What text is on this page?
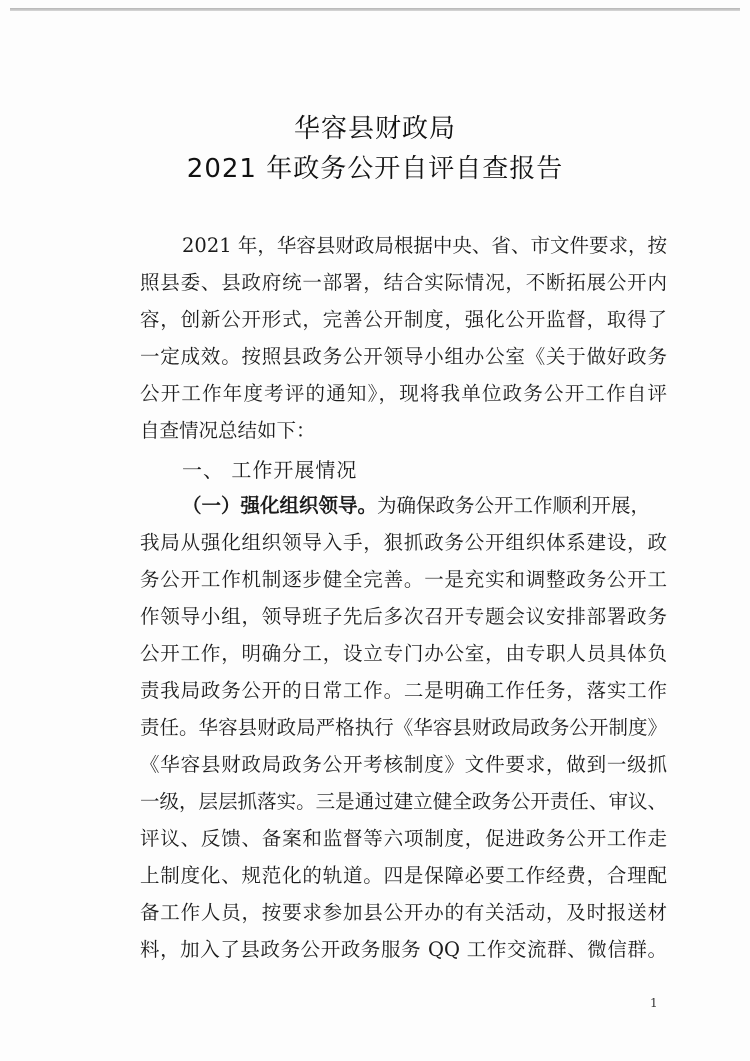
华容县财政局
2021 年政务公开自评自查报告
2021 年，华容县财政局根据中央、省、市文件要求，按
照县委、县政府统一部署，结合实际情况，不断拓展公开内
容，创新公开形式，完善公开制度，强化公开监督，取得了
一定成效。按照县政务公开领导小组办公室《关于做好政务
公开工作年度考评的通知》，现将我单位政务公开工作自评
自查情况总结如下：
一、 工作开展情况
（一）强化组织领导。为确保政务公开工作顺利开展，
我局从强化组织领导入手，狠抓政务公开组织体系建设，政
务公开工作机制逐步健全完善。一是充实和调整政务公开工
作领导小组，领导班子先后多次召开专题会议安排部署政务
公开工作，明确分工，设立专门办公室，由专职人员具体负
责我局政务公开的日常工作。二是明确工作任务，落实工作
责任。华容县财政局严格执行《华容县财政局政务公开制度》
《华容县财政局政务公开考核制度》文件要求，做到一级抓
一级，层层抓落实。三是通过建立健全政务公开责任、审议、
评议、反馈、备案和监督等六项制度，促进政务公开工作走
上制度化、规范化的轨道。四是保障必要工作经费，合理配
备工作人员，按要求参加县公开办的有关活动，及时报送材
料，加入了县政务公开政务服务 QQ 工作交流群、微信群。
1
